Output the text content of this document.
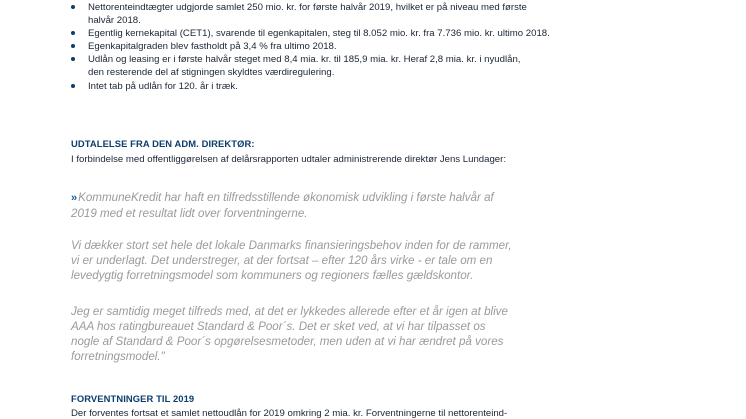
Nettorenteindtægter udgjorde samlet 250 mio. kr. for første halvår 2019, hvilket er på niveau med første
halvår 2018.
Egentlig kernekapital (CET1), svarende til egenkapitalen, steg til 8.052 mio. kr. fra 7.736 mio. kr. ultimo 2018.
Egenkapitalgraden blev fastholdt på 3,4 % fra ultimo 2018.
Udlån og leasing er i første halvår steget med 8,4 mia. kr. til 185,9 mia. kr. Heraf 2,8 mia. kr. i nyudlån,
den resterende del af stigningen skyldtes værdiregulering.
Intet tab på udlån for 120. år i træk.
UDTALELSE FRA DEN ADM. DIREKTØR:

I forbindelse med offentliggørelsen af delårsrapporten udtaler administrerende direktør Jens Lundager:

»KommuneKredit har haft en tilfredsstillende økonomisk udvikling i første halvår af
2019 med et resultat lidt over forventningerne.

Vi dækker stort set hele det lokale Danmarks finansieringsbehov inden for de rammer,
vi er underlagt. Det understreger, at der fortsat – efter 120 års virke - er tale om en
levedygtig forretningsmodel som kommuners og regioners fælles gældskontor.

Jeg er samtidig meget tilfreds med, at det er lykkedes allerede efter et år igen at blive
AAA hos ratingbureauet Standard & Poor´s. Det er sket ved, at vi har tilpasset os
nogle af Standard & Poor´s opgørelsesmetoder, men uden at vi har ændret på vores
forretningsmodel."

FORVENTNINGER TIL 2019

Der forventes fortsat et samlet nettoudlån for 2019 omkring 2 mia. kr. Forventningerne til nettorenteind-
